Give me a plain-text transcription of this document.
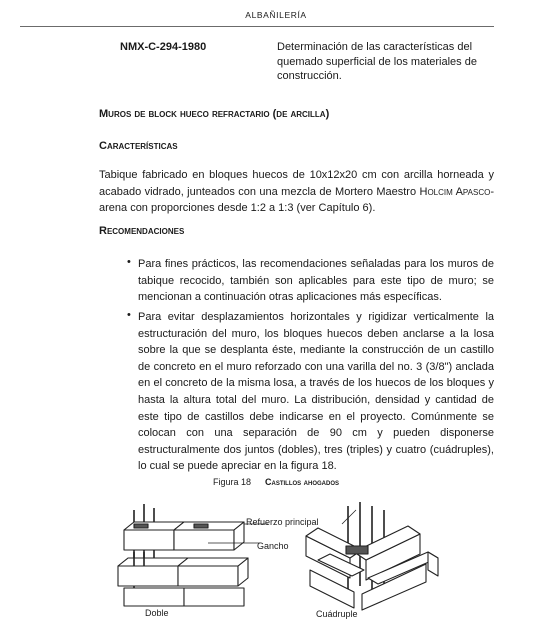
ALBAÑILERÍA
NMX-C-294-1980	Determinación de las características del quemado superficial de los materiales de construcción.
Muros de block hueco refractario (de arcilla)
Características
Tabique fabricado en bloques huecos de 10x12x20 cm con arcilla horneada y acabado vidrado, junteados con una mezcla de Mortero Maestro Holcim Apasco-arena con proporciones desde 1:2 a 1:3 (ver Capítulo 6).
Recomendaciones
• Para fines prácticos, las recomendaciones señaladas para los muros de tabique recocido, también son aplicables para este tipo de muro; se mencionan a continuación otras aplicaciones más específicas.
• Para evitar desplazamientos horizontales y rigidizar verticalmente la estructuración del muro, los bloques huecos deben anclarse a la losa sobre la que se desplanta éste, mediante la construcción de un castillo de concreto en el muro reforzado con una varilla del no. 3 (3/8") anclada en el concreto de la misma losa, a través de los huecos de los bloques y hasta la altura total del muro. La distribución, densidad y cantidad de este tipo de castillos debe indicarse en el proyecto. Comúnmente se colocan con una separación de 90 cm y pueden disponerse estructuralmente dos juntos (dobles), tres (triples) y cuatro (cuádruples), lo cual se puede apreciar en la figura 18.
Figura 18 Castillos ahogados
Refuerzo principal
Gancho
Doble	Cuádruple
